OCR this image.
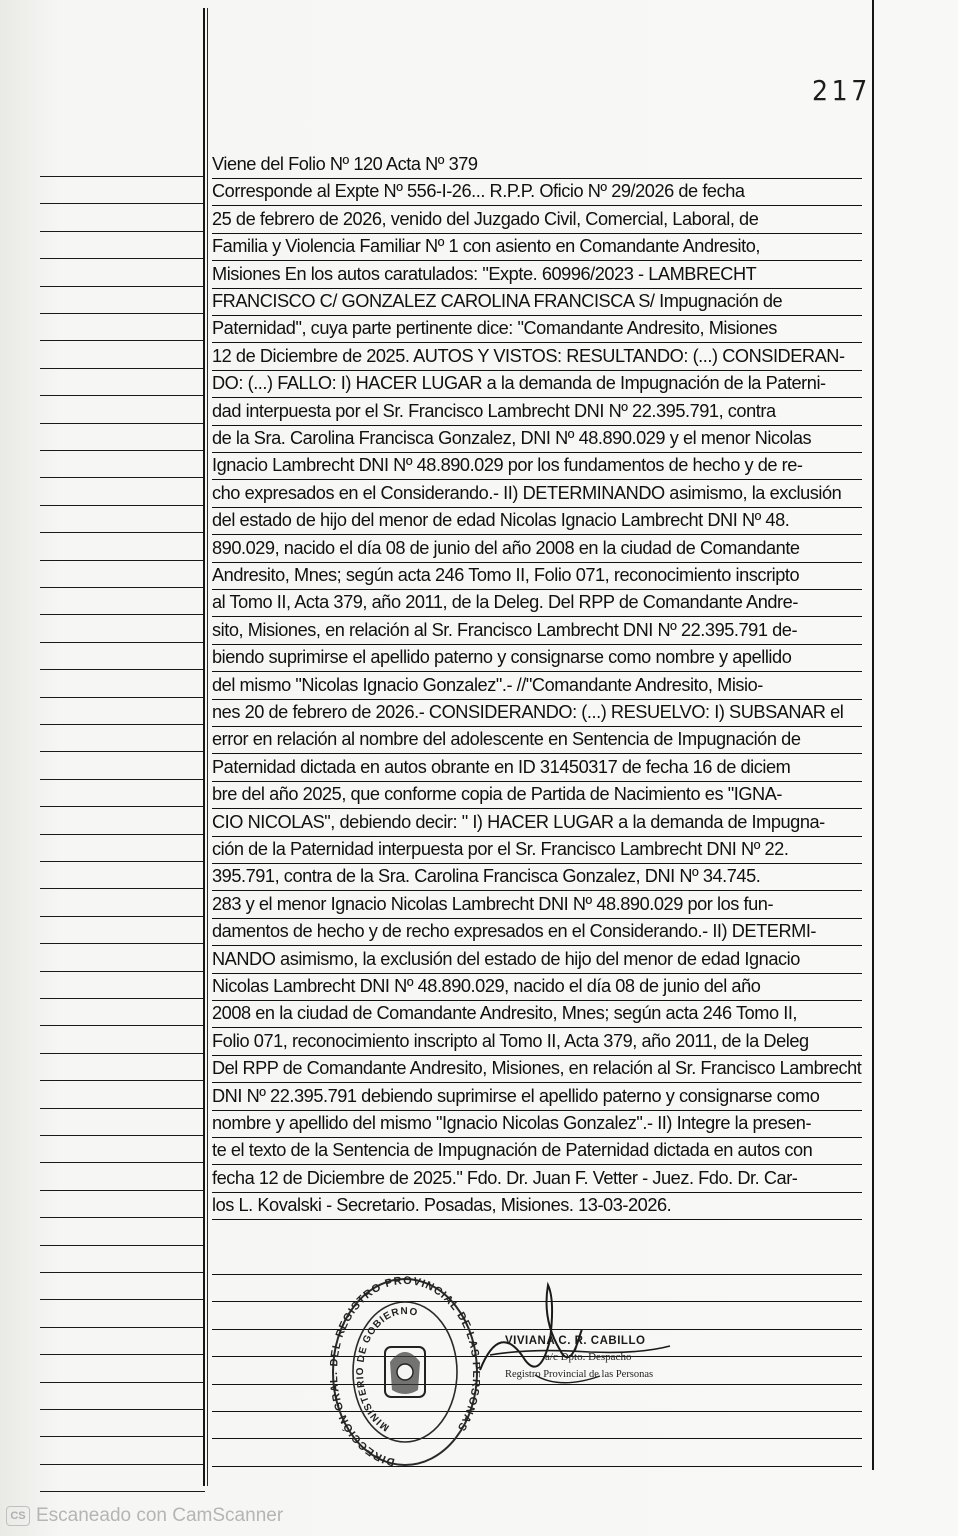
217
Viene del Folio Nº 120 Acta Nº 379
Corresponde al Expte Nº 556-I-26... R.P.P. Oficio Nº 29/2026 de fecha
25 de febrero de 2026, venido del Juzgado Civil, Comercial, Laboral, de
Familia y Violencia Familiar Nº 1 con asiento en Comandante Andresito,
Misiones En los autos caratulados: "Expte. 60996/2023 - LAMBRECHT
FRANCISCO C/ GONZALEZ CAROLINA FRANCISCA S/ Impugnación de
Paternidad", cuya parte pertinente dice: "Comandante Andresito, Misiones
12 de Diciembre de 2025. AUTOS Y VISTOS: RESULTANDO: (...) CONSIDERAN-
DO: (...) FALLO: I) HACER LUGAR a la demanda de Impugnación de la Paterni-
dad interpuesta por el Sr. Francisco Lambrecht DNI Nº 22.395.791, contra
de la Sra. Carolina Francisca Gonzalez, DNI Nº 48.890.029 y el menor Nicolas
Ignacio Lambrecht DNI Nº 48.890.029 por los fundamentos de hecho y de re-
cho expresados en el Considerando.- II) DETERMINANDO asimismo, la exclusión
del estado de hijo del menor de edad Nicolas Ignacio Lambrecht DNI Nº 48.
890.029, nacido el día 08 de junio del año 2008 en la ciudad de Comandante
Andresito, Mnes; según acta 246 Tomo II, Folio 071, reconocimiento inscripto
al Tomo II, Acta 379, año 2011, de la Deleg. Del RPP de Comandante Andre-
sito, Misiones, en relación al Sr. Francisco Lambrecht DNI Nº 22.395.791 de-
biendo suprimirse el apellido paterno y consignarse como nombre y apellido
del mismo "Nicolas Ignacio Gonzalez".- //"Comandante Andresito, Misio-
nes 20 de febrero de 2026.- CONSIDERANDO: (...) RESUELVO: I) SUBSANAR el
error en relación al nombre del adolescente en Sentencia de Impugnación de
Paternidad dictada en autos obrante en ID 31450317 de fecha 16 de diciem
bre del año 2025, que conforme copia de Partida de Nacimiento es "IGNA-
CIO NICOLAS", debiendo decir: " I) HACER LUGAR a la demanda de Impugna-
ción de la Paternidad interpuesta por el Sr. Francisco Lambrecht DNI Nº 22.
395.791, contra de la Sra. Carolina Francisca Gonzalez, DNI Nº 34.745.
283 y el menor Ignacio Nicolas Lambrecht DNI Nº 48.890.029 por los fun-
damentos de hecho y de recho expresados en el Considerando.- II) DETERMI-
NANDO asimismo, la exclusión del estado de hijo del menor de edad Ignacio
Nicolas Lambrecht DNI Nº 48.890.029, nacido el día 08 de junio del año
2008 en la ciudad de Comandante Andresito, Mnes; según acta 246 Tomo II,
Folio 071, reconocimiento inscripto al Tomo II, Acta 379, año 2011, de la Deleg
Del RPP de Comandante Andresito, Misiones, en relación al Sr. Francisco Lambrecht
DNI Nº 22.395.791 debiendo suprimirse el apellido paterno y consignarse como
nombre y apellido del mismo "Ignacio Nicolas Gonzalez".- II) Integre la presen-
te el texto de la Sentencia de Impugnación de Paternidad dictada en autos con
fecha 12 de Diciembre de 2025." Fdo. Dr. Juan F. Vetter - Juez. Fdo. Dr. Car-
los L. Kovalski - Secretario. Posadas, Misiones. 13-03-2026.
DIRECCIÓN GR EL REGISTRO PROVINCIAL DE LAS SONAS
MINISTERIO DE GOBIERNO
VIVIANA C. R. CABILLO
a/c Dpto. Despacho
Registro Provincial de las Personas
CS Escaneado con CamScanner
